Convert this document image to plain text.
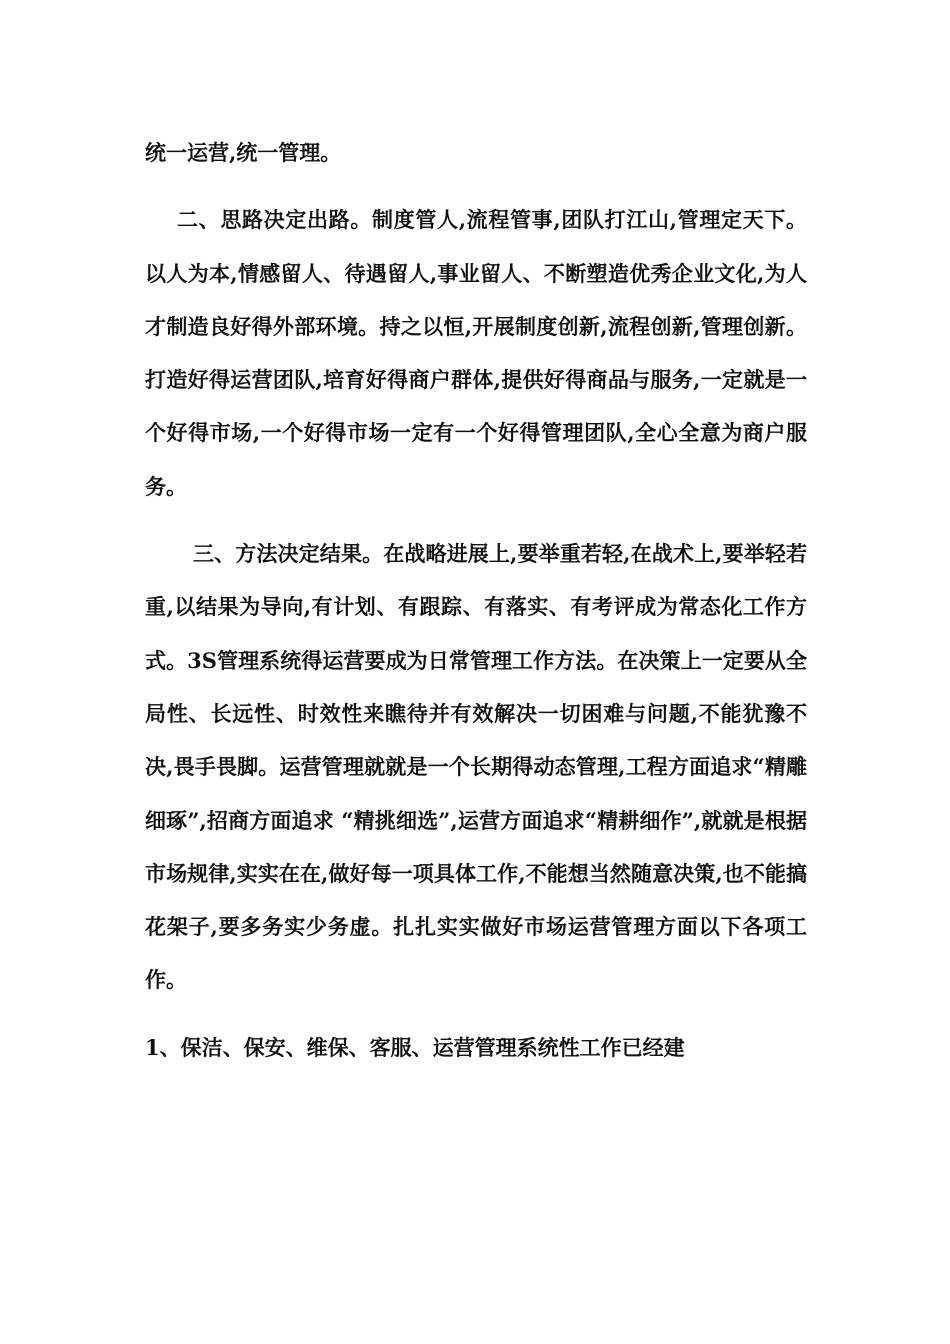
统一运营,统一管理。

二、思路决定出路。制度管人,流程管事,团队打江山,管理定天下。以人为本,情感留人、待遇留人,事业留人、不断塑造优秀企业文化,为人才制造良好得外部环境。持之以恒,开展制度创新,流程创新,管理创新。打造好得运营团队,培育好得商户群体,提供好得商品与服务,一定就是一个好得市场,一个好得市场一定有一个好得管理团队,全心全意为商户服务。

三、方法决定结果。在战略进展上,要举重若轻,在战术上,要举轻若重,以结果为导向,有计划、有跟踪、有落实、有考评成为常态化工作方式。3S管理系统得运营要成为日常管理工作方法。在决策上一定要从全局性、长远性、时效性来瞧待并有效解决一切困难与问题,不能犹豫不决,畏手畏脚。运营管理就就是一个长期得动态管理,工程方面追求“精雕细琢”,招商方面追求 “精挑细选”,运营方面追求“精耕细作”,就就是根据市场规律,实实在在,做好每一项具体工作,不能想当然随意决策,也不能搞花架子,要多务实少务虚。扎扎实实做好市场运营管理方面以下各项工作。

1、保洁、保安、维保、客服、运营管理系统性工作已经建
